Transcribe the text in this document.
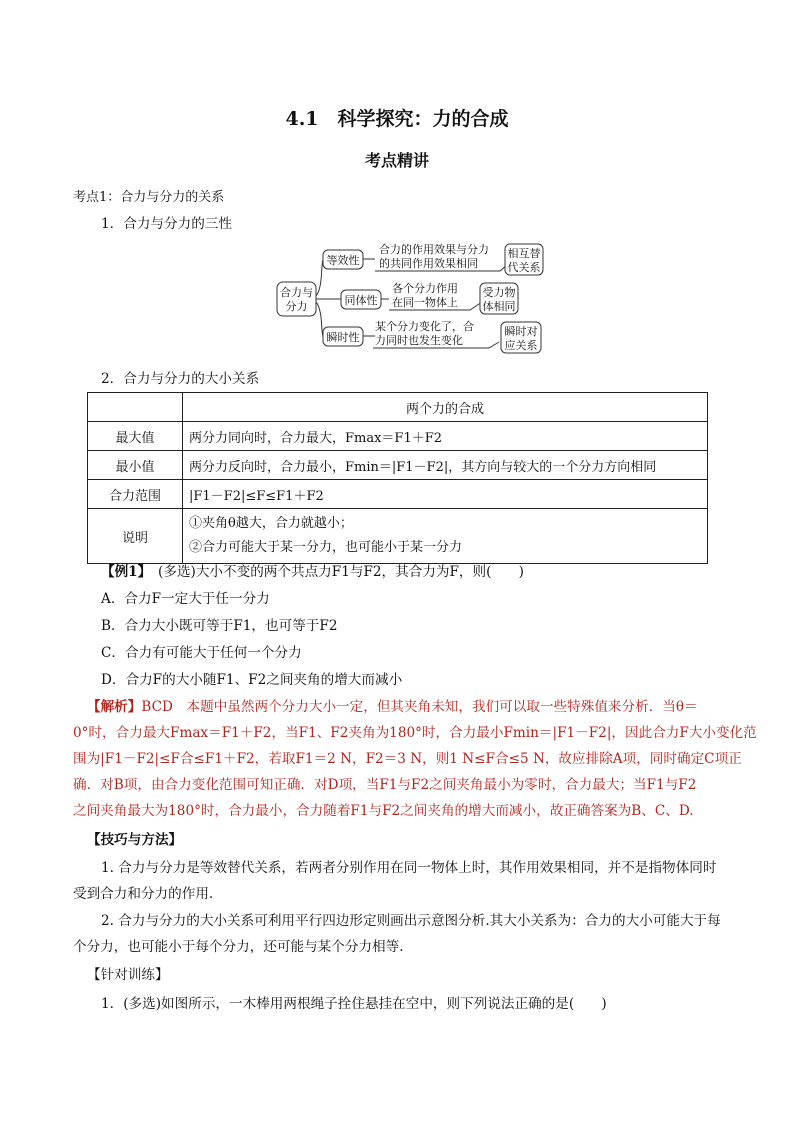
4.1　科学探究：力的合成
考点精讲
考点1：合力与分力的关系
1．合力与分力的三性
合力与
分力
等效性
同体性
瞬时性
合力的作用效果与分力
的共同作用效果相同
各个分力作用
在同一物体上
某个分力变化了，合
力同时也发生变化
相互替
代关系
受力物
体相同
瞬时对
应关系
2．合力与分力的大小关系
	两个力的合成
最大值	两分力同向时，合力最大，Fmax＝F1＋F2
最小值	两分力反向时，合力最小，Fmin＝|F1－F2|，其方向与较大的一个分力方向相同
合力范围	|F1－F2|≤F≤F1＋F2
说明	①夹角θ越大，合力就越小；
②合力可能大于某一分力，也可能小于某一分力
【例1】　(多选)大小不变的两个共点力F1与F2，其合力为F，则(　　)
A．合力F一定大于任一分力
B．合力大小既可等于F1，也可等于F2
C．合力有可能大于任何一个分力
D．合力F的大小随F1、F2之间夹角的增大而减小
【解析】BCD　本题中虽然两个分力大小一定，但其夹角未知，我们可以取一些特殊值来分析．当θ＝
0°时，合力最大Fmax＝F1＋F2，当F1、F2夹角为180°时，合力最小Fmin＝|F1－F2|，因此合力F大小变化范
围为|F1－F2|≤F合≤F1＋F2，若取F1＝2 N，F2＝3 N，则1 N≤F合≤5 N，故应排除A项，同时确定C项正
确．对B项，由合力变化范围可知正确．对D项，当F1与F2之间夹角最小为零时，合力最大；当F1与F2
之间夹角最大为180°时，合力最小，合力随着F1与F2之间夹角的增大而减小，故正确答案为B、C、D.
【技巧与方法】
1. 合力与分力是等效替代关系，若两者分别作用在同一物体上时，其作用效果相同，并不是指物体同时受到合力和分力的作用.
2. 合力与分力的大小关系可利用平行四边形定则画出示意图分析.其大小关系为：合力的大小可能大于每个分力，也可能小于每个分力，还可能与某个分力相等.
【针对训练】
1．(多选)如图所示，一木棒用两根绳子拴住悬挂在空中，则下列说法正确的是(　　)
